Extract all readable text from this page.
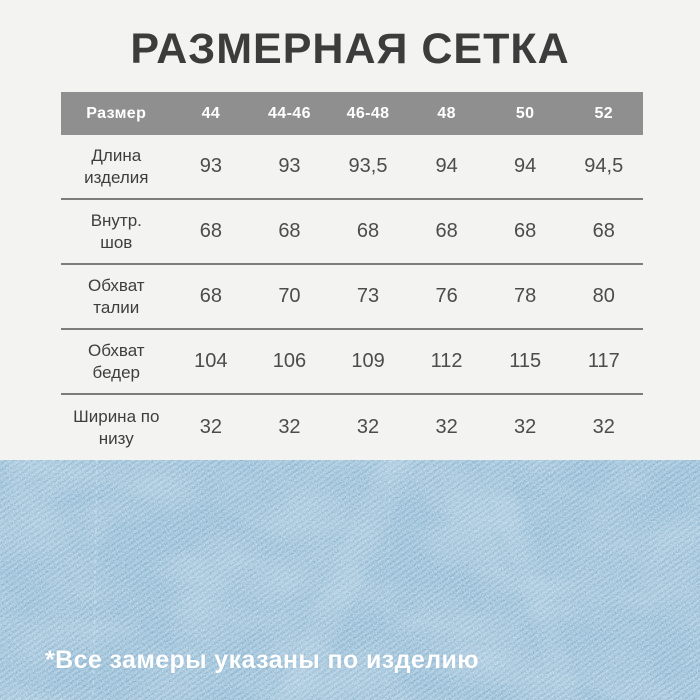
РАЗМЕРНАЯ СЕТКА
Размер	44	44-46	46-48	48	50	52
Длина изделия	93	93	93,5	94	94	94,5
Внутр. шов	68	68	68	68	68	68
Обхват талии	68	70	73	76	78	80
Обхват бедер	104	106	109	112	115	117
Ширина по низу	32	32	32	32	32	32
*Все замеры указаны по изделию
